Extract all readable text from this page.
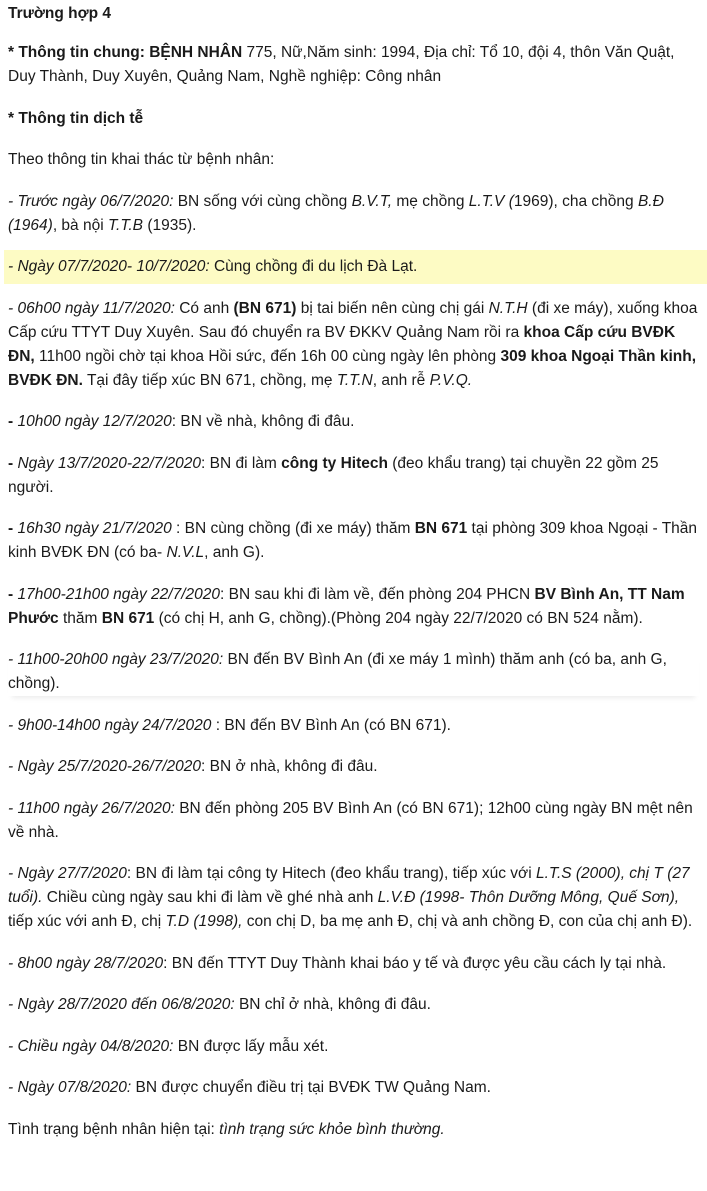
Trường hợp 4
* Thông tin chung: BỆNH NHÂN 775, Nữ,Năm sinh: 1994, Địa chỉ: Tổ 10, đội 4, thôn Văn Quật, Duy Thành, Duy Xuyên, Quảng Nam, Nghề nghiệp: Công nhân
* Thông tin dịch tễ
Theo thông tin khai thác từ bệnh nhân:
- Trước ngày 06/7/2020: BN sống với cùng chồng B.V.T, mẹ chồng L.T.V (1969), cha chồng B.Đ (1964), bà nội T.T.B (1935).
- Ngày 07/7/2020- 10/7/2020: Cùng chồng đi du lịch Đà Lạt.
- 06h00 ngày 11/7/2020: Có anh (BN 671) bị tai biến nên cùng chị gái N.T.H (đi xe máy), xuống khoa Cấp cứu TTYT Duy Xuyên. Sau đó chuyển ra BV ĐKKV Quảng Nam rồi ra khoa Cấp cứu BVĐK ĐN, 11h00 ngồi chờ tại khoa Hồi sức, đến 16h 00 cùng ngày lên phòng 309 khoa Ngoại Thần kinh, BVĐK ĐN. Tại đây tiếp xúc BN 671, chồng, mẹ T.T.N, anh rễ P.V.Q.
- 10h00 ngày 12/7/2020: BN về nhà, không đi đâu.
- Ngày 13/7/2020-22/7/2020: BN đi làm công ty Hitech (đeo khẩu trang) tại chuyền 22 gồm 25 người.
- 16h30 ngày 21/7/2020 : BN cùng chồng (đi xe máy) thăm BN 671 tại phòng 309 khoa Ngoại - Thần kinh BVĐK ĐN (có ba- N.V.L, anh G).
- 17h00-21h00 ngày 22/7/2020: BN sau khi đi làm về, đến phòng 204 PHCN BV Bình An, TT Nam Phước thăm BN 671 (có chị H, anh G, chồng).(Phòng 204 ngày 22/7/2020 có BN 524 nằm).
- 11h00-20h00 ngày 23/7/2020: BN đến BV Bình An (đi xe máy 1 mình) thăm anh (có ba, anh G, chồng).
- 9h00-14h00 ngày 24/7/2020 : BN đến BV Bình An (có BN 671).
- Ngày 25/7/2020-26/7/2020: BN ở nhà, không đi đâu.
- 11h00 ngày 26/7/2020: BN đến phòng 205 BV Bình An (có BN 671); 12h00 cùng ngày BN mệt nên về nhà.
- Ngày 27/7/2020: BN đi làm tại công ty Hitech (đeo khẩu trang), tiếp xúc với L.T.S (2000), chị T (27 tuổi). Chiều cùng ngày sau khi đi làm về ghé nhà anh L.V.Đ (1998- Thôn Dưỡng Mông, Quế Sơn), tiếp xúc với anh Đ, chị T.D (1998), con chị D, ba mẹ anh Đ, chị và anh chồng Đ, con của chị anh Đ).
- 8h00 ngày 28/7/2020: BN đến TTYT Duy Thành khai báo y tế và được yêu cầu cách ly tại nhà.
- Ngày 28/7/2020 đến 06/8/2020: BN chỉ ở nhà, không đi đâu.
- Chiều ngày 04/8/2020: BN được lấy mẫu xét.
- Ngày 07/8/2020: BN được chuyển điều trị tại BVĐK TW Quảng Nam.
Tình trạng bệnh nhân hiện tại: tình trạng sức khỏe bình thường.
